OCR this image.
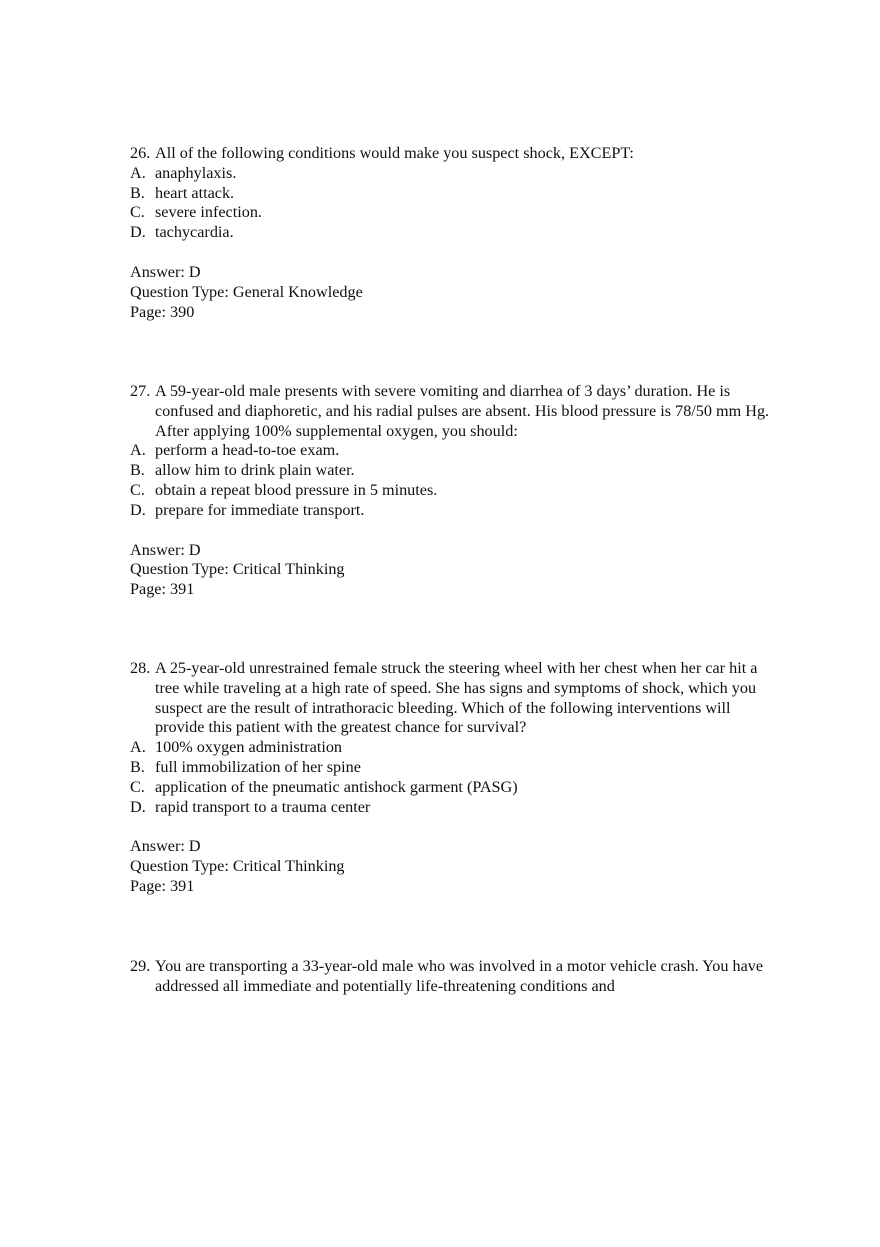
26. All of the following conditions would make you suspect shock, EXCEPT:
A. anaphylaxis.
B. heart attack.
C. severe infection.
D. tachycardia.
Answer: D
Question Type: General Knowledge
Page: 390
27. A 59-year-old male presents with severe vomiting and diarrhea of 3 days’ duration. He is confused and diaphoretic, and his radial pulses are absent. His blood pressure is 78/50 mm Hg. After applying 100% supplemental oxygen, you should:
A. perform a head-to-toe exam.
B. allow him to drink plain water.
C. obtain a repeat blood pressure in 5 minutes.
D. prepare for immediate transport.
Answer: D
Question Type: Critical Thinking
Page: 391
28. A 25-year-old unrestrained female struck the steering wheel with her chest when her car hit a tree while traveling at a high rate of speed. She has signs and symptoms of shock, which you suspect are the result of intrathoracic bleeding. Which of the following interventions will provide this patient with the greatest chance for survival?
A. 100% oxygen administration
B. full immobilization of her spine
C. application of the pneumatic antishock garment (PASG)
D. rapid transport to a trauma center
Answer: D
Question Type: Critical Thinking
Page: 391
29. You are transporting a 33-year-old male who was involved in a motor vehicle crash. You have addressed all immediate and potentially life-threatening conditions and
